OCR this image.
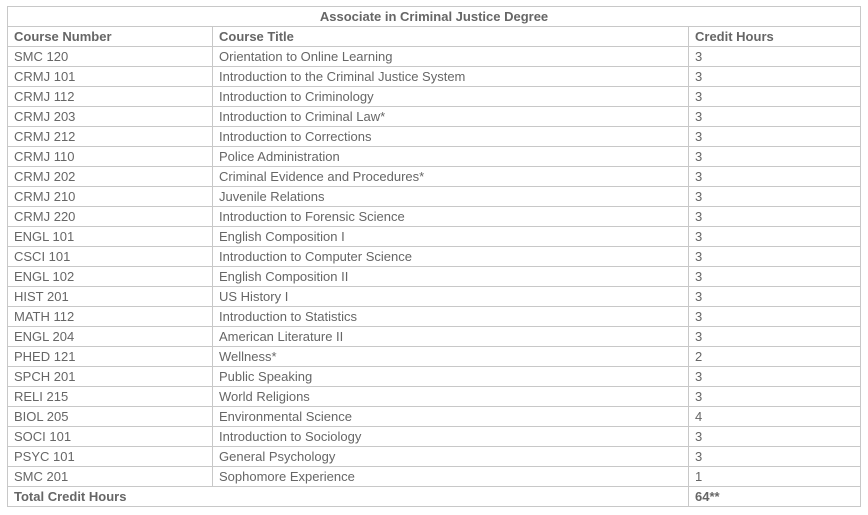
Associate in Criminal Justice Degree		
Course Number	Course Title	Credit Hours
SMC 120	Orientation to Online Learning	3
CRMJ 101	Introduction to the Criminal Justice System	3
CRMJ 112	Introduction to Criminology	3
CRMJ 203	Introduction to Criminal Law*	3
CRMJ 212	Introduction to Corrections	3
CRMJ 110	Police Administration	3
CRMJ 202	Criminal Evidence and Procedures*	3
CRMJ 210	Juvenile Relations	3
CRMJ 220	Introduction to Forensic Science	3
ENGL 101	English Composition I	3
CSCI 101	Introduction to Computer Science	3
ENGL 102	English Composition II	3
HIST 201	US History I	3
MATH 112	Introduction to Statistics	3
ENGL 204	American Literature II	3
PHED 121	Wellness*	2
SPCH 201	Public Speaking	3
RELI 215	World Religions	3
BIOL 205	Environmental Science	4
SOCI 101	Introduction to Sociology	3
PSYC 101	General Psychology	3
SMC 201	Sophomore Experience	1
Total Credit Hours		64**
